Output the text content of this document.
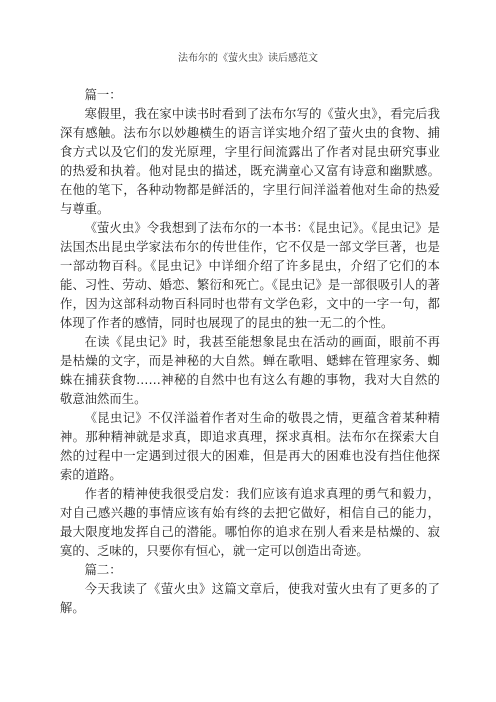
法布尔的《萤火虫》读后感范文

篇一：

寒假里，我在家中读书时看到了法布尔写的《萤火虫》，看完后我深有感触。法布尔以妙趣横生的语言详实地介绍了萤火虫的食物、捕食方式以及它们的发光原理，字里行间流露出了作者对昆虫研究事业的热爱和执着。他对昆虫的描述，既充满童心又富有诗意和幽默感。在他的笔下，各种动物都是鲜活的，字里行间洋溢着他对生命的热爱与尊重。

《萤火虫》令我想到了法布尔的一本书：《昆虫记》。《昆虫记》是法国杰出昆虫学家法布尔的传世佳作，它不仅是一部文学巨著，也是一部动物百科。《昆虫记》中详细介绍了许多昆虫，介绍了它们的本能、习性、劳动、婚恋、繁衍和死亡。《昆虫记》是一部很吸引人的著作，因为这部科动物百科同时也带有文学色彩，文中的一字一句，都体现了作者的感情，同时也展现了的昆虫的独一无二的个性。

在读《昆虫记》时，我甚至能想象昆虫在活动的画面，眼前不再是枯燥的文字，而是神秘的大自然。蝉在歌唱、蟋蟀在管理家务、蜘蛛在捕获食物……神秘的自然中也有这么有趣的事物，我对大自然的敬意油然而生。

《昆虫记》不仅洋溢着作者对生命的敬畏之情，更蕴含着某种精神。那种精神就是求真，即追求真理，探求真相。法布尔在探索大自然的过程中一定遇到过很大的困难，但是再大的困难也没有挡住他探索的道路。

作者的精神使我很受启发：我们应该有追求真理的勇气和毅力，对自己感兴趣的事情应该有始有终的去把它做好，相信自己的能力，最大限度地发挥自己的潜能。哪怕你的追求在别人看来是枯燥的、寂寞的、乏味的，只要你有恒心，就一定可以创造出奇迹。

篇二：

今天我读了《萤火虫》这篇文章后，使我对萤火虫有了更多的了解。
